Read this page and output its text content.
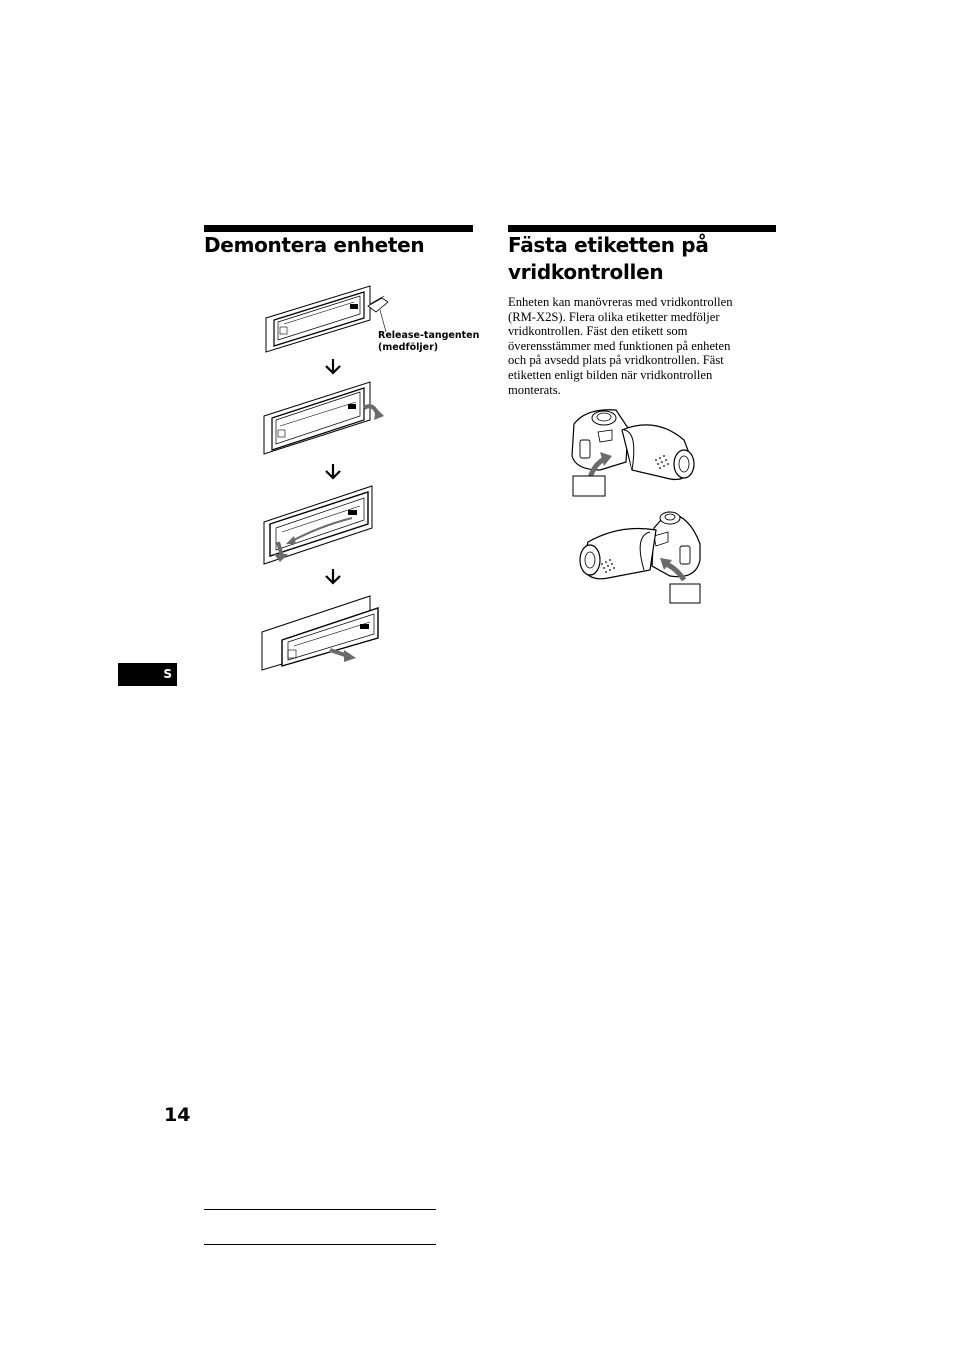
Demontera enheten
Release-tangenten
(medföljer)
S
Fästa etiketten på
vridkontrollen
Enheten kan manövreras med vridkontrollen
(RM-X2S). Flera olika etiketter medföljer
vridkontrollen. Fäst den etikett som
överensstämmer med funktionen på enheten
och på avsedd plats på vridkontrollen. Fäst
etiketten enligt bilden när vridkontrollen
monterats.
14
